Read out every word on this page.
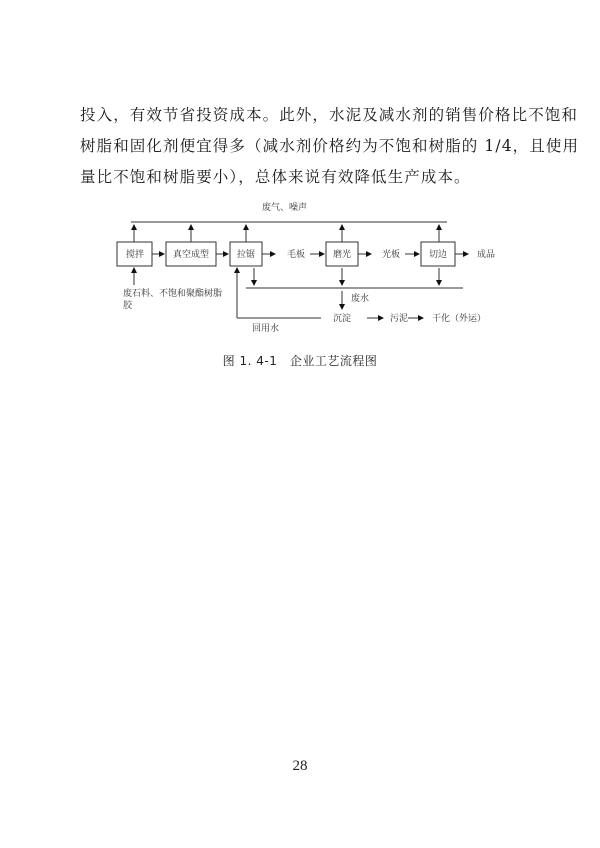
投入，有效节省投资成本。此外，水泥及减水剂的销售价格比不饱和
树脂和固化剂便宜得多（减水剂价格约为不饱和树脂的 1/4，且使用
量比不饱和树脂要小），总体来说有效降低生产成本。
废气、噪声
搅拌	真空成型	拉锯	磨光	切边
毛板	光板	成品
废石料、不饱和聚酯树脂
胶
废水
回用水
沉淀	污泥	干化（外运）
图 1. 4-1　企业工艺流程图
28
